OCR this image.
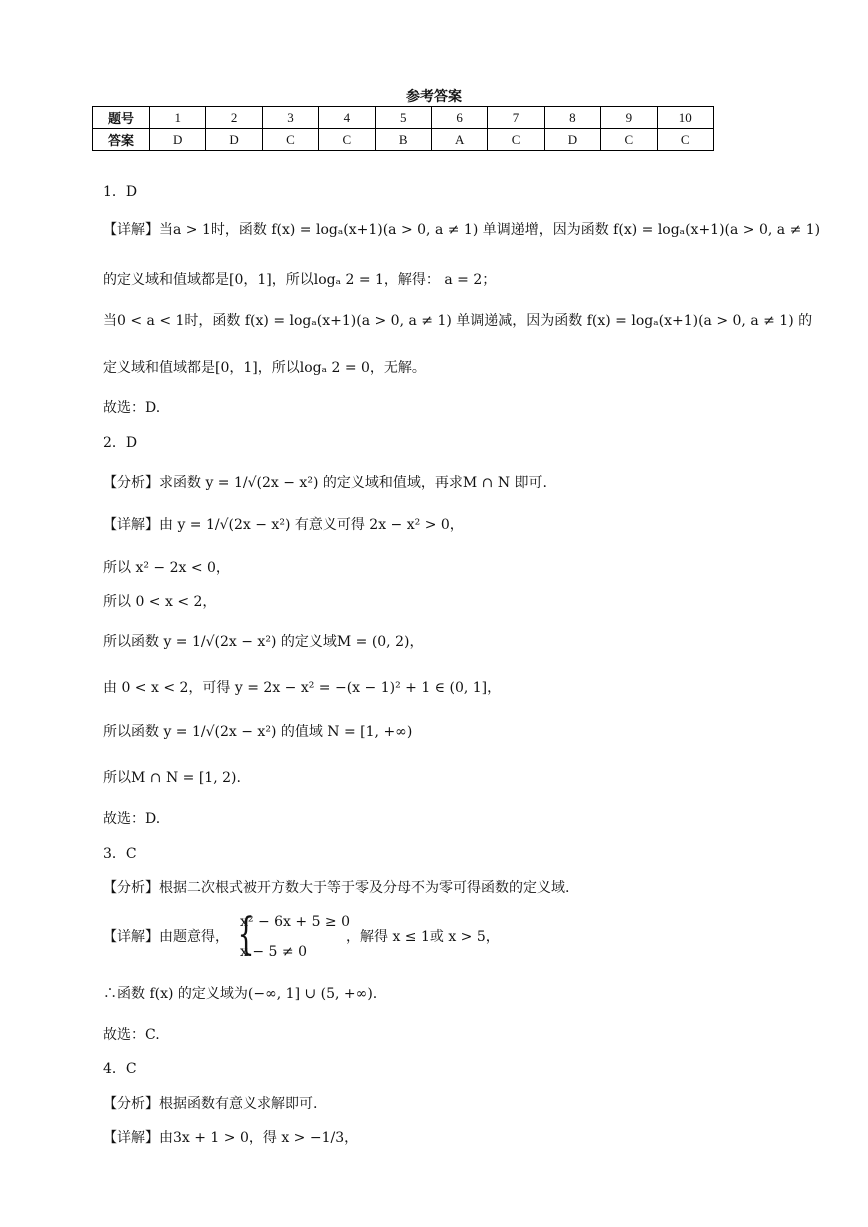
参考答案
题号	1	2	3	4	5	6	7	8	9	10
答案	D	D	C	C	B	A	C	D	C	C
1．D
【详解】当a > 1时，函数 f(x) = logₐ(x+1)(a > 0, a ≠ 1) 单调递增，因为函数 f(x) = logₐ(x+1)(a > 0, a ≠ 1)
的定义域和值域都是[0，1]，所以logₐ 2 = 1，解得： a = 2；
当0 < a < 1时，函数 f(x) = logₐ(x+1)(a > 0, a ≠ 1) 单调递减，因为函数 f(x) = logₐ(x+1)(a > 0, a ≠ 1) 的
定义域和值域都是[0，1]，所以logₐ 2 = 0，无解。
故选：D.
2．D
【分析】求函数 y = 1/√(2x − x²) 的定义域和值域，再求M ∩ N 即可.
【详解】由 y = 1/√(2x − x²) 有意义可得 2x − x² > 0，
所以 x² − 2x < 0，
所以 0 < x < 2，
所以函数 y = 1/√(2x − x²) 的定义域M = (0, 2)，
由 0 < x < 2，可得 y = 2x − x² = −(x − 1)² + 1 ∈ (0, 1]，
所以函数 y = 1/√(2x − x²) 的值域 N = [1, +∞)
所以M ∩ N = [1, 2).
故选：D.
3．C
【分析】根据二次根式被开方数大于等于零及分母不为零可得函数的定义域.
【详解】由题意得， {
x² − 6x + 5 ≥ 0
x − 5 ≠ 0
，解得 x ≤ 1或 x > 5，
∴函数 f(x) 的定义域为(−∞, 1] ∪ (5, +∞).
故选：C.
4．C
【分析】根据函数有意义求解即可.
【详解】由3x + 1 > 0，得 x > −1/3，
